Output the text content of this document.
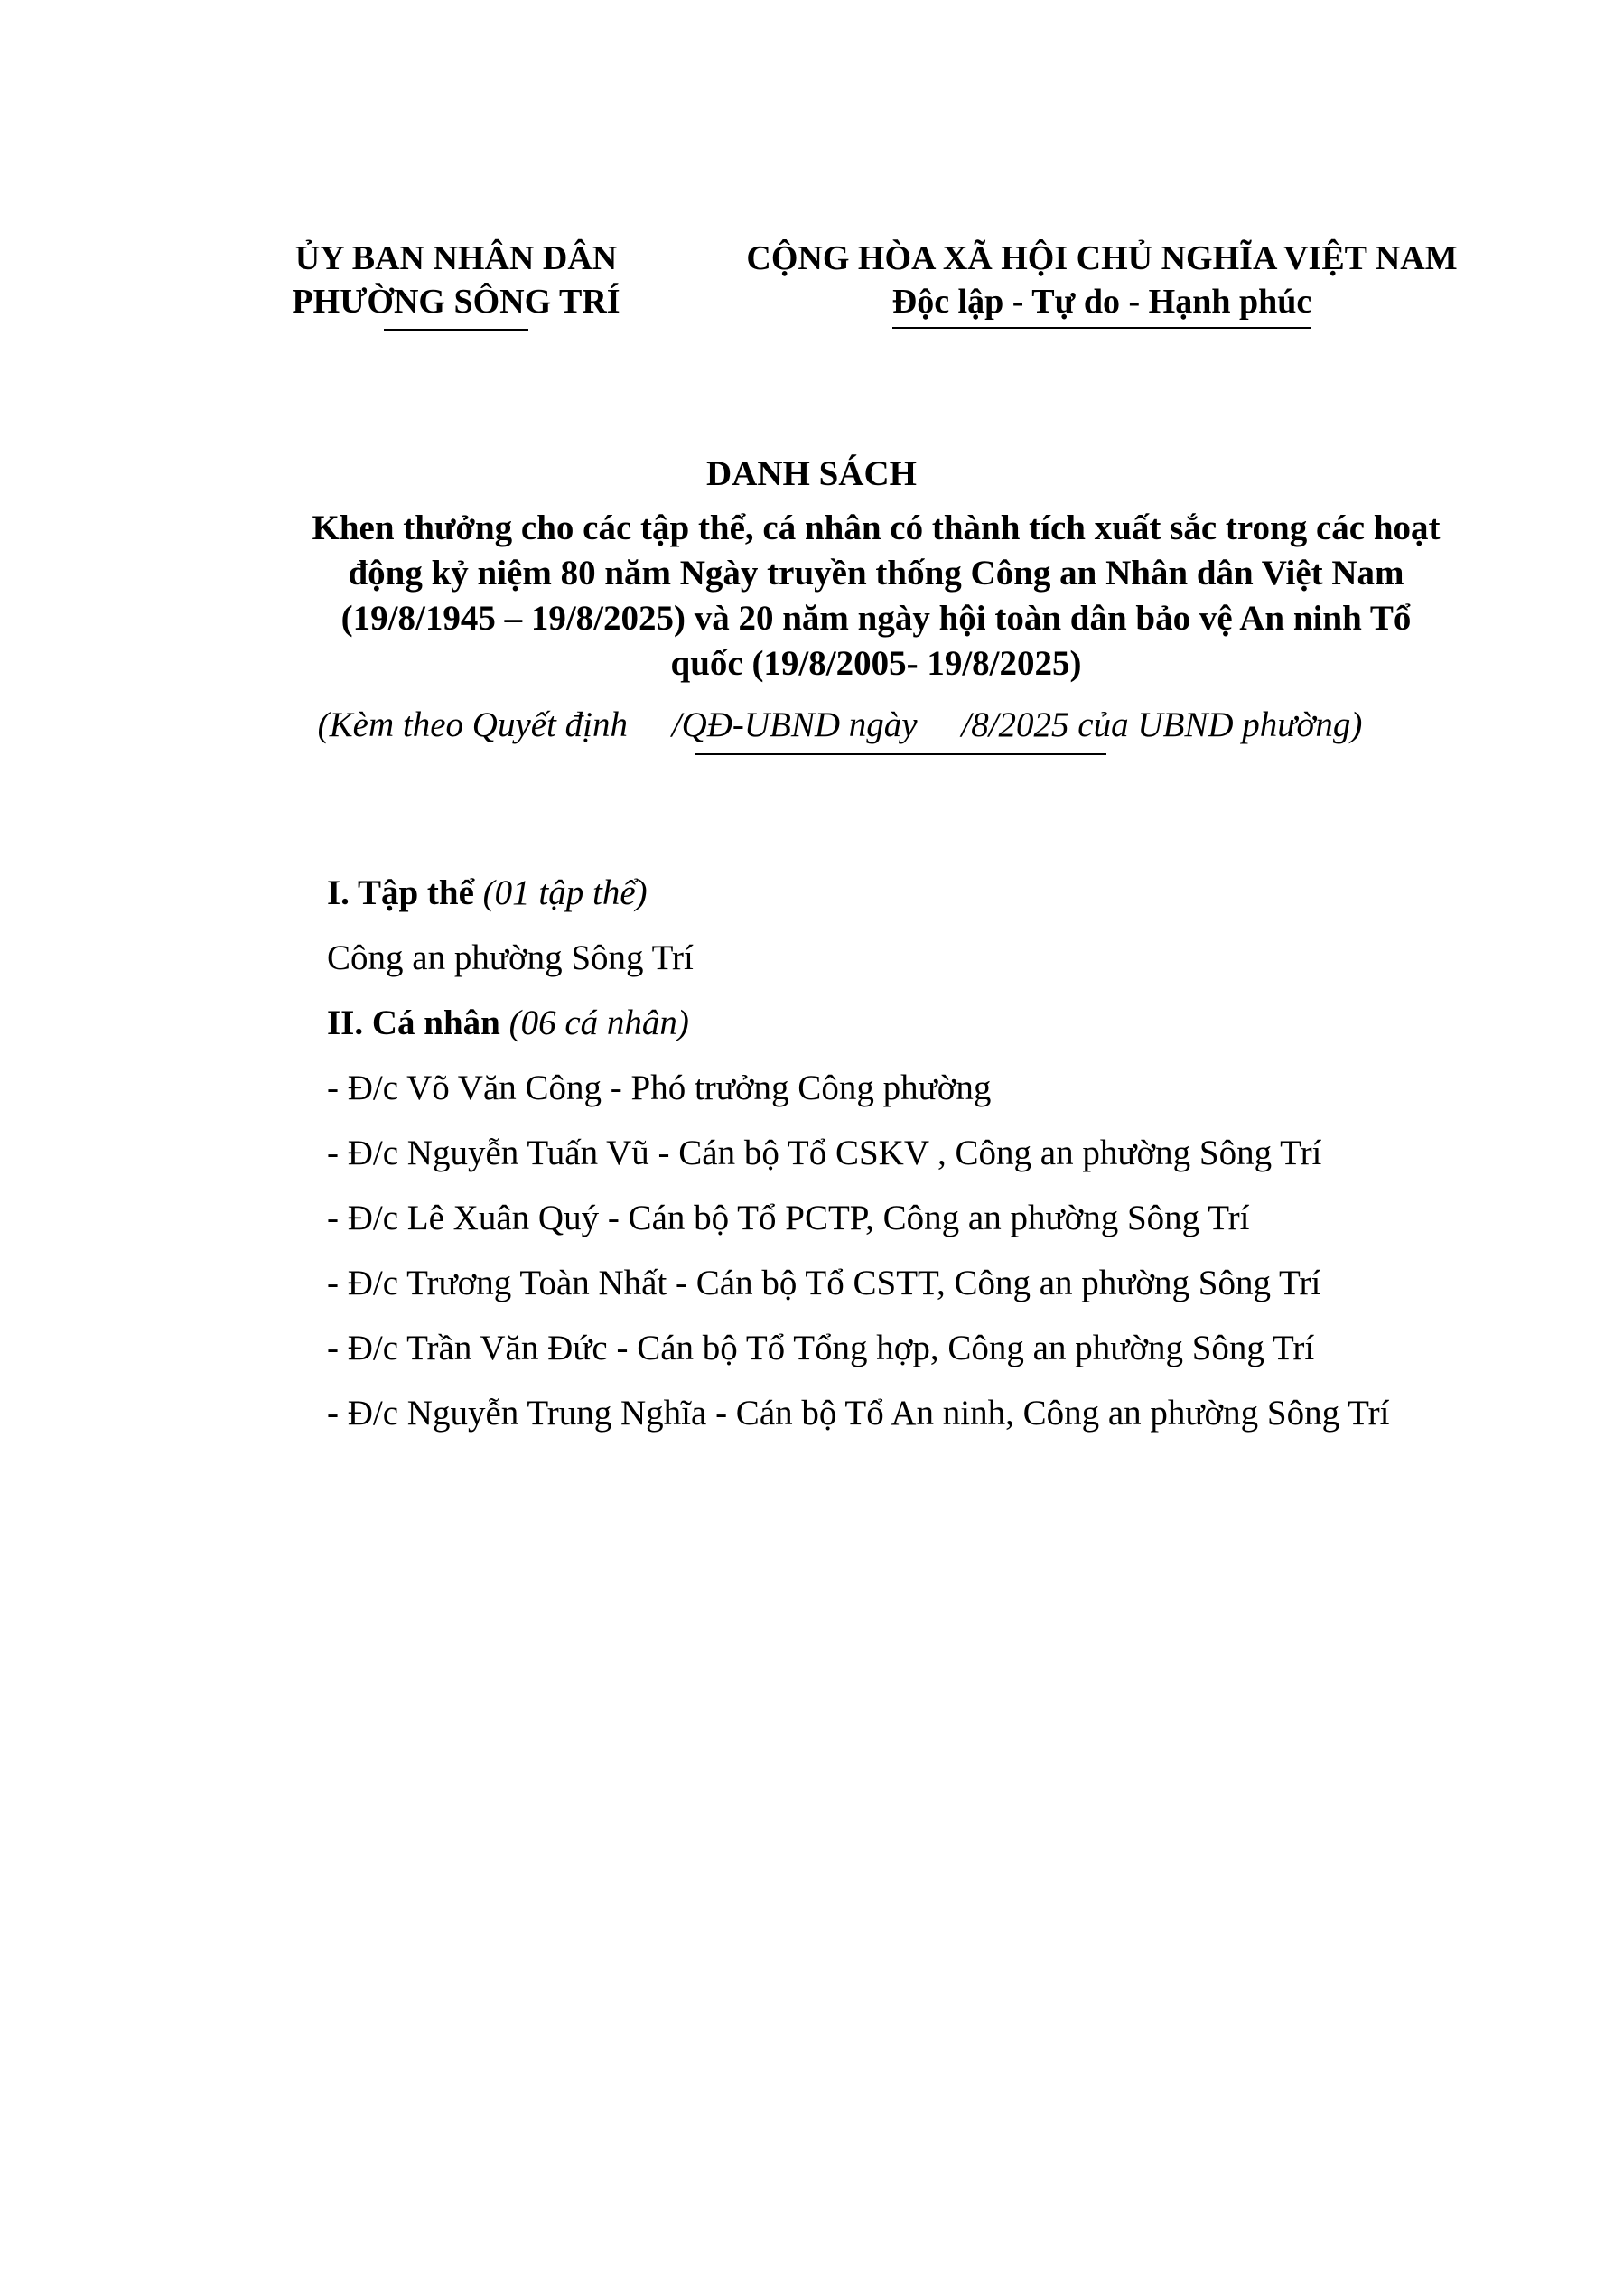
ỦY BAN NHÂN DÂN
PHƯỜNG SÔNG TRÍ
CỘNG HÒA XÃ HỘI CHỦ NGHĨA VIỆT NAM
Độc lập - Tự do - Hạnh phúc
DANH SÁCH
Khen thưởng cho các tập thể, cá nhân có thành tích xuất sắc trong các hoạt
động kỷ niệm 80 năm Ngày truyền thống Công an Nhân dân Việt Nam
(19/8/1945 – 19/8/2025) và 20 năm ngày hội toàn dân bảo vệ An ninh Tổ
quốc (19/8/2005- 19/8/2025)
(Kèm theo Quyết định     /QĐ-UBND ngày     /8/2025 của UBND phường)

I. Tập thể (01 tập thể)

Công an phường Sông Trí

II. Cá nhân (06 cá nhân)

- Đ/c Võ Văn Công - Phó trưởng Công phường

- Đ/c Nguyễn Tuấn Vũ - Cán bộ Tổ CSKV , Công an phường Sông Trí

- Đ/c Lê Xuân Quý - Cán bộ Tổ PCTP, Công an phường Sông Trí

- Đ/c Trương Toàn Nhất - Cán bộ Tổ CSTT, Công an phường Sông Trí

- Đ/c Trần Văn Đức - Cán bộ Tổ Tổng hợp, Công an phường Sông Trí

- Đ/c Nguyễn Trung Nghĩa - Cán bộ Tổ An ninh, Công an phường Sông Trí
